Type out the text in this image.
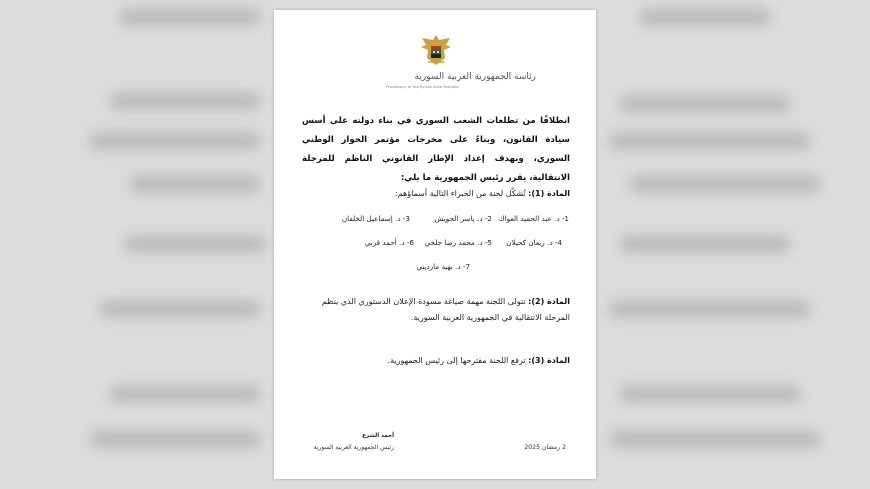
رئاسة الجمهورية العربية السورية
Presidency of the Syrian Arab Republic
انطلاقًا من تطلعات الشعب السوري في بناء دولته على أسس سيادة القانون، وبناءً على مخرجات مؤتمر الحوار الوطني السوري، وبهدف إعداد الإطار القانوني الناظم للمرحلة الانتقالية، يقرر رئيس الجمهورية ما يلي:
المادة (1): تُشكّل لجنة من الخبراء التالية أسماؤهم:
1- د. عبد الحميد العواك
2- د. ياسر الحويش
3- د. إسماعيل الخلفان
4- د. ريعان كحيلان
5- د. محمد رضا جلخي
6- د. أحمد قربي
7- د. بهية مارديني
المادة (2): تتولى اللجنة مهمة صياغة مسودة الإعلان الدستوري الذي ينظم المرحلة الانتقالية في الجمهورية العربية السورية.
المادة (3): ترفع اللجنة مقترحها إلى رئيس الجمهورية.
أحمد الشرع
رئيس الجمهورية العربية السورية	2 رمضان 2025
